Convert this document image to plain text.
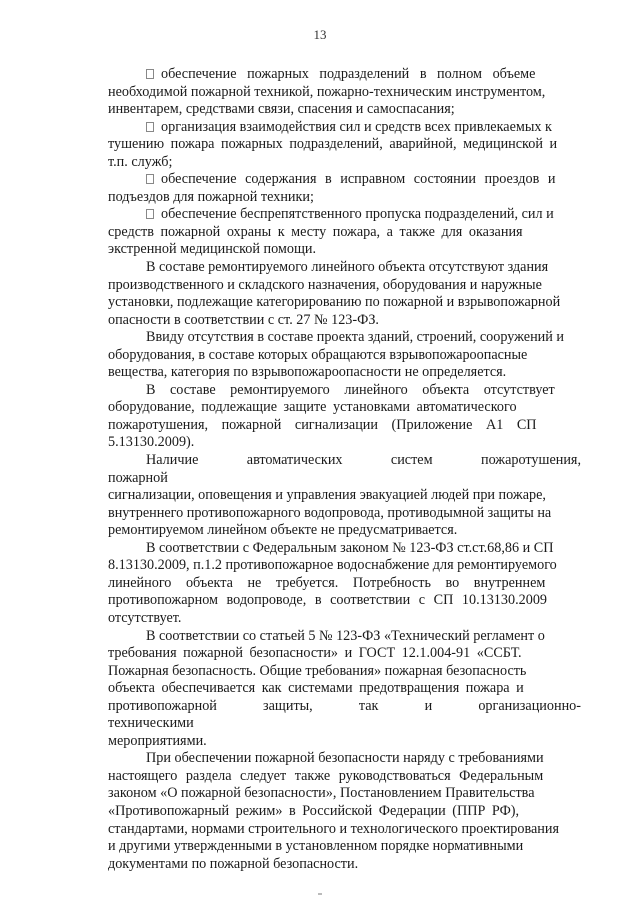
13

обеспечение пожарных подразделений в полном объеме
необходимой пожарной техникой, пожарно-техническим инструментом,
инвентарем, средствами связи, спасения и самоспасания;

организация взаимодействия сил и средств всех привлекаемых к
тушению пожара пожарных подразделений, аварийной, медицинской и
т.п. служб;

обеспечение содержания в исправном состоянии проездов и
подъездов для пожарной техники;

обеспечение беспрепятственного пропуска подразделений, сил и
средств пожарной охраны к месту пожара, а также для оказания
экстренной медицинской помощи.

В составе ремонтируемого линейного объекта отсутствуют здания
производственного и складского назначения, оборудования и наружные
установки, подлежащие категорированию по пожарной и взрывопожарной
опасности в соответствии с ст. 27 № 123-ФЗ.

Ввиду отсутствия в составе проекта зданий, строений, сооружений и
оборудования, в составе которых обращаются взрывопожароопасные
вещества, категория по взрывопожароопасности не определяется.

В составе ремонтируемого линейного объекта отсутствует
оборудование, подлежащие защите установками автоматического
пожаротушения, пожарной сигнализации (Приложение А1 СП
5.13130.2009).

Наличие автоматических систем пожаротушения, пожарной
сигнализации, оповещения и управления эвакуацией людей при пожаре,
внутреннего противопожарного водопровода, противодымной защиты на
ремонтируемом линейном объекте не предусматривается.

В соответствии с Федеральным законом № 123-ФЗ ст.ст.68,86 и СП
8.13130.2009, п.1.2 противопожарное водоснабжение для ремонтируемого
линейного объекта не требуется. Потребность во внутреннем
противопожарном водопроводе, в соответствии с СП 10.13130.2009
отсутствует.

В соответствии со статьей 5 № 123-ФЗ «Технический регламент о
требования пожарной безопасности» и ГОСТ 12.1.004-91 «ССБТ.
Пожарная безопасность. Общие требования» пожарная безопасность
объекта обеспечивается как системами предотвращения пожара и
противопожарной защиты, так и организационно-техническими
мероприятиями.

При обеспечении пожарной безопасности наряду с требованиями
настоящего раздела следует также руководствоваться Федеральным
законом «О пожарной безопасности», Постановлением Правительства
«Противопожарный режим» в Российской Федерации (ППР РФ),
стандартами, нормами строительного и технологического проектирования
и другими утвержденными в установленном порядке нормативными
документами по пожарной безопасности.
